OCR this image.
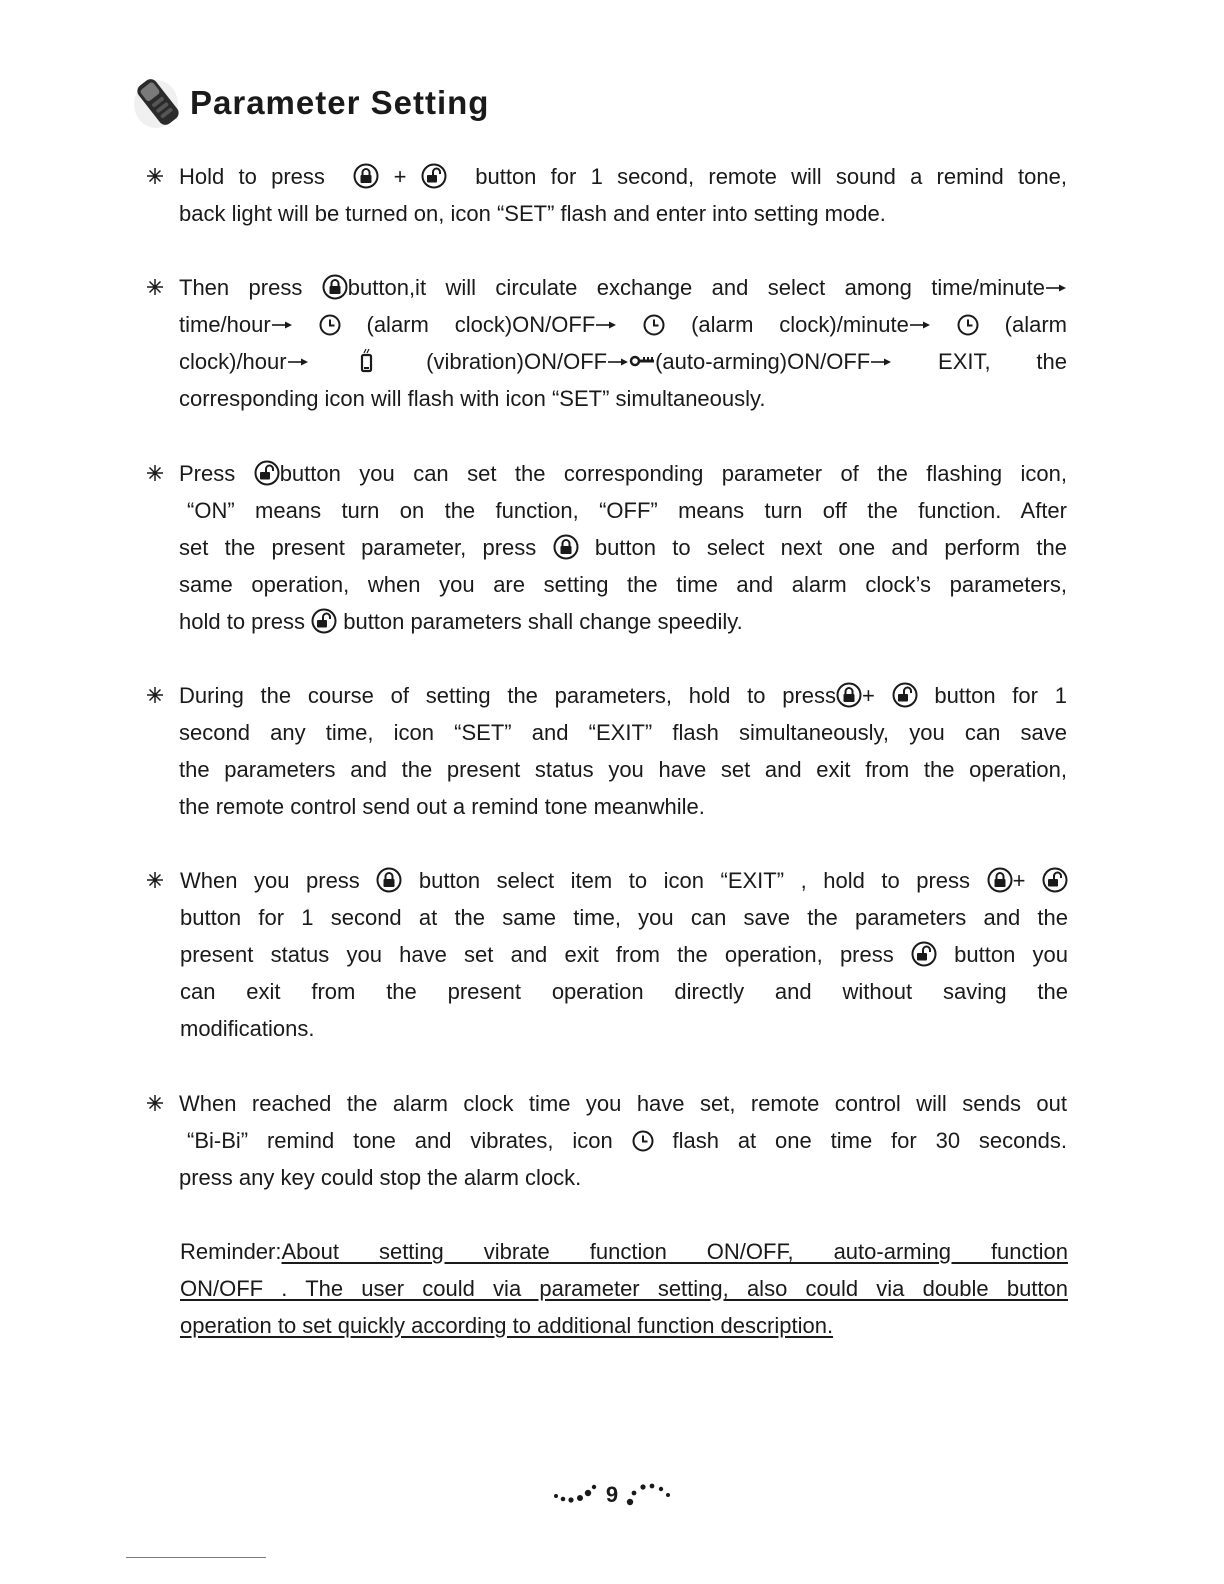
Parameter Setting
Hold to press	+	button for 1 second, remote will sound a remind tone,
back light will be turned on, icon “SET” flash and enter into setting mode.
Then press button,it will circulate exchange and select among time/minute
time/hour	(alarm clock)ON/OFF	(alarm clock)/minute	(alarm
clock)/hour	(vibration)ON/OFF (auto-arming)ON/OFF	EXIT, the
corresponding icon will flash with icon “SET” simultaneously.
Press button you can set the corresponding parameter of the flashing icon,
“ON” means turn on the function, “OFF” means turn off the function. After
set the present parameter, press	button to select next one and perform the
same operation, when you are setting the time and alarm clock’s parameters,
hold to press button parameters shall change speedily.
During the course of setting the parameters, hold to press +	button for 1
second any time, icon “SET” and “EXIT” flash simultaneously, you can save
the parameters and the present status you have set and exit from the operation,
the remote control send out a remind tone meanwhile.
When you press	button select item to icon “EXIT” , hold to press +
button for 1 second at the same time, you can save the parameters and the
present status you have set and exit from the operation, press	button you
can exit from the present operation directly and without saving the
modifications.
When reached the alarm clock time you have set, remote control will sends out
“Bi-Bi” remind tone and vibrates, icon	flash at one time for 30 seconds.
press any key could stop the alarm clock.
Reminder:About setting vibrate function ON/OFF, auto-arming function
ON/OFF . The user could via parameter setting, also could via double button
operation to set quickly according to additional function description.
9
